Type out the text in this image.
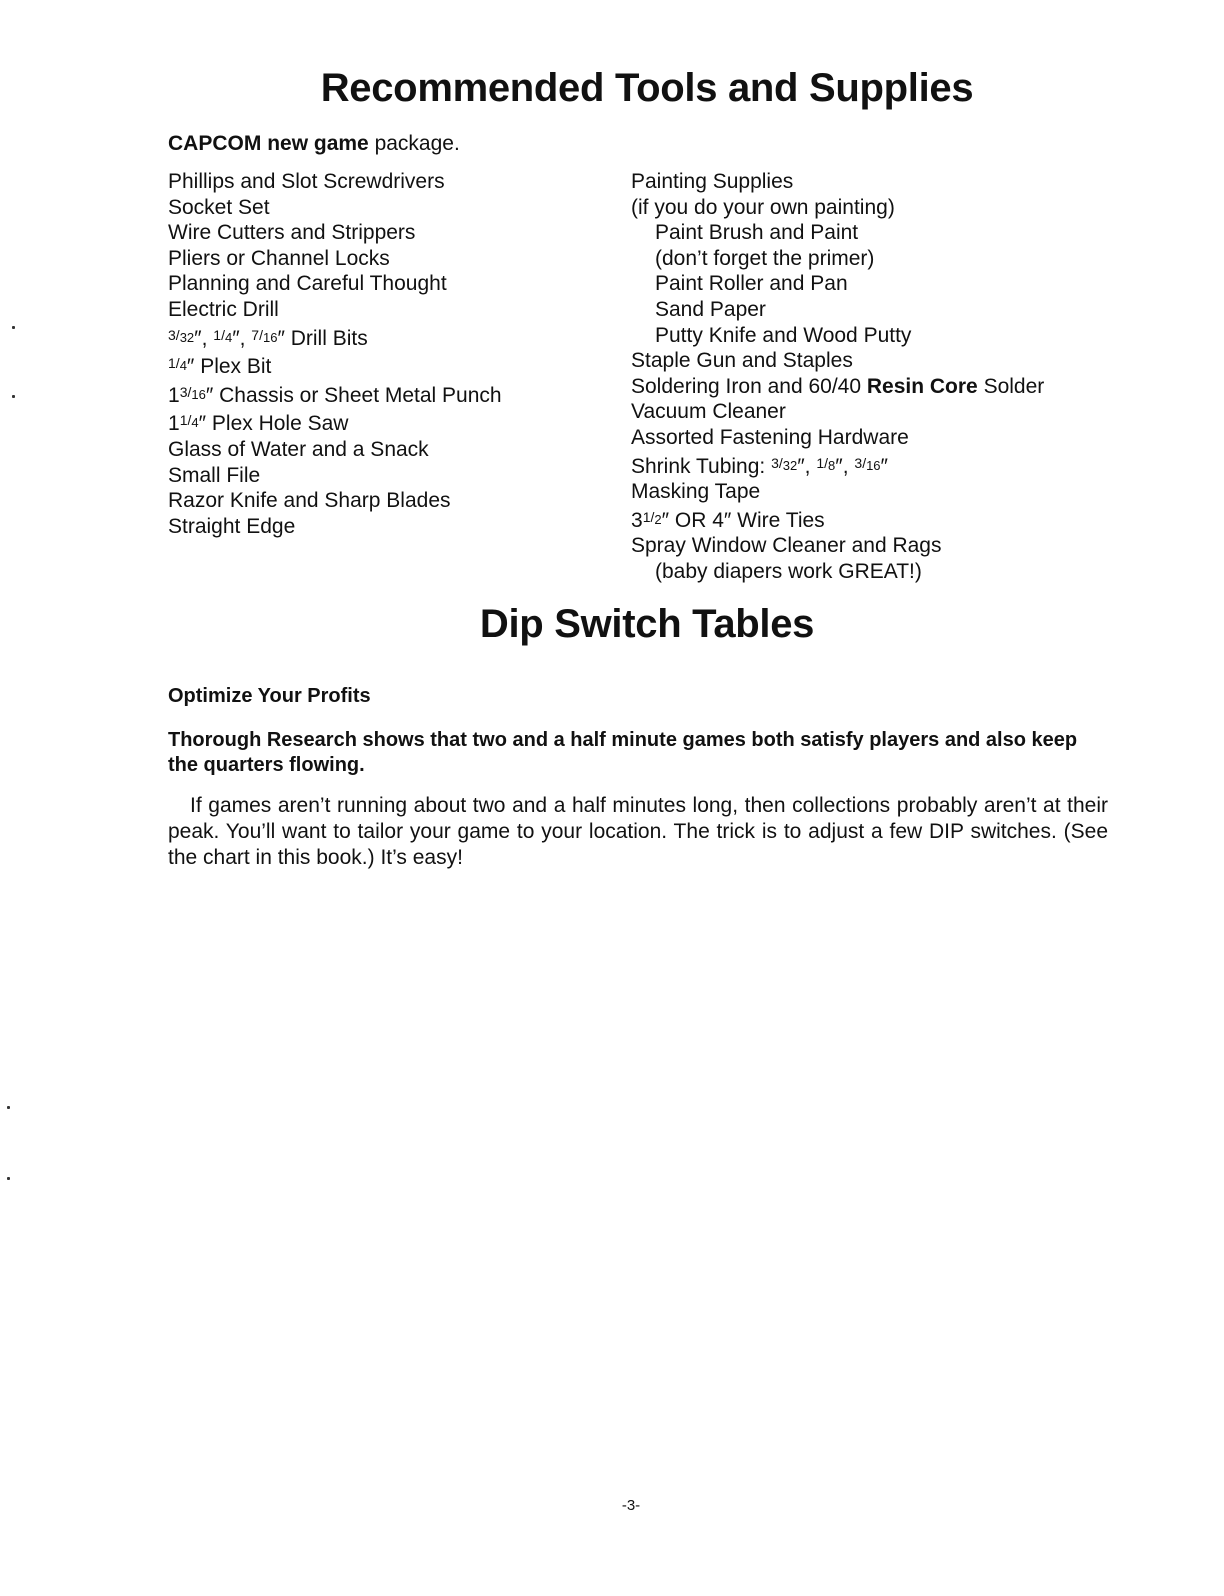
Recommended Tools and Supplies
CAPCOM new game package.
Phillips and Slot Screwdrivers
Socket Set
Wire Cutters and Strippers
Pliers or Channel Locks
Planning and Careful Thought
Electric Drill
$^{3/_{32}}$″, $^{1/_4}$″, $^{7/_{16}}$″ Drill Bits
$^{1/_4}$″ Plex Bit
$1^{3/_{16}}''$ Chassis or Sheet Metal Punch
$1^{1/_4}''$ Plex Hole Saw
Glass of Water and a Snack
Small File
Razor Knife and Sharp Blades
Straight Edge
Painting Supplies
(if you do your own painting)
Paint Brush and Paint
(don’t forget the primer)
Paint Roller and Pan
Sand Paper
Putty Knife and Wood Putty
Staple Gun and Staples
Soldering Iron and 60/40 Resin Core Solder
Vacuum Cleaner
Assorted Fastening Hardware
Shrink Tubing: $^{3/_{32}}$″, $^{1/_8}$″, $^{3/_{16}}$″
Masking Tape
$3^{1/_2}''$ OR 4″ Wire Ties
Spray Window Cleaner and Rags
(baby diapers work GREAT!)
Dip Switch Tables
Optimize Your Profits
Thorough Research shows that two and a half minute games both satisfy players and also keep the quarters flowing.
If games aren’t running about two and a half minutes long, then collections probably aren’t at their peak. You’ll want to tailor your game to your location. The trick is to adjust a few DIP switches. (See the chart in this book.) It’s easy!
-3-
